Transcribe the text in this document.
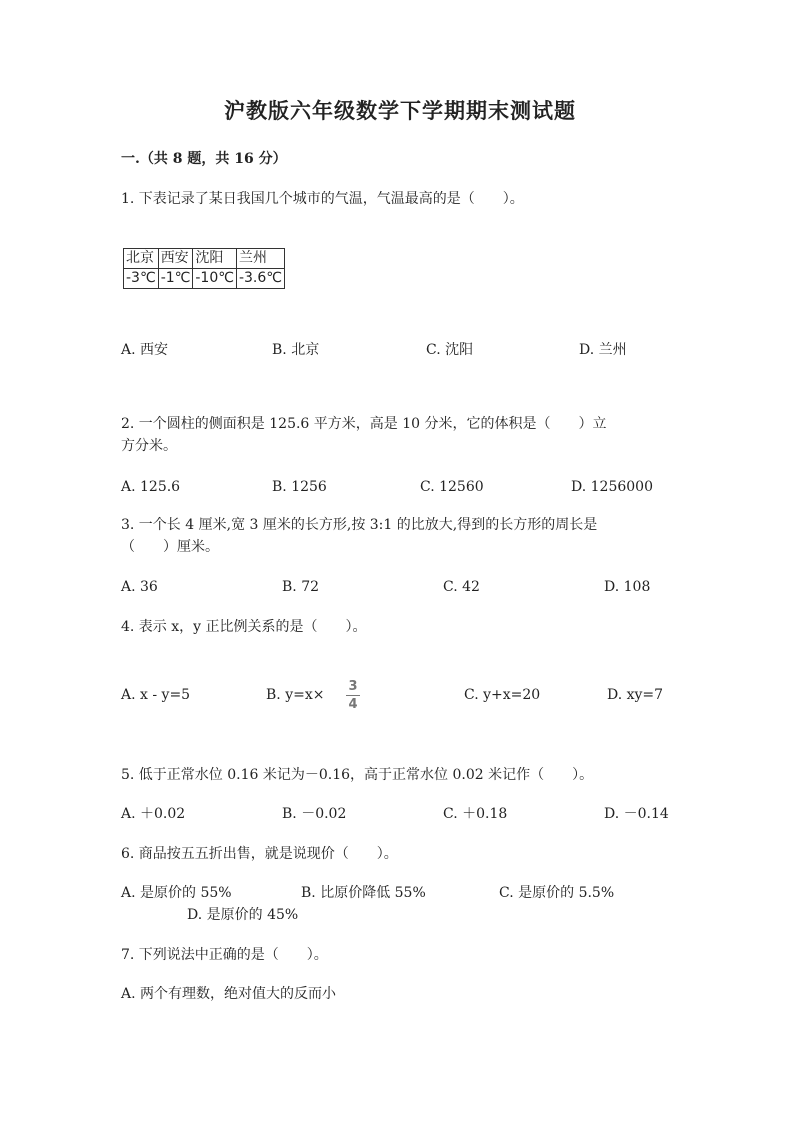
沪教版六年级数学下学期期末测试题
一.（共 8 题，共 16 分）
1. 下表记录了某日我国几个城市的气温，气温最高的是（　　）。
北京	西安	沈阳	兰州
-3℃	-1℃	-10℃	-3.6℃
A. 西安	B. 北京	C. 沈阳	D. 兰州
2. 一个圆柱的侧面积是 125.6 平方米，高是 10 分米，它的体积是（　　）立
方分米。
A. 125.6	B. 1256	C. 12560	D. 1256000
3. 一个长 4 厘米,宽 3 厘米的长方形,按 3:1 的比放大,得到的长方形的周长是
（　　）厘米。
A. 36	B. 72	C. 42	D. 108
4. 表示 x，y 正比例关系的是（　　）。
A. x - y=5	B. y=x×
3
4
C. y+x=20	D. xy=7
5. 低于正常水位 0.16 米记为－0.16，高于正常水位 0.02 米记作（　　）。
A. ＋0.02	B. －0.02	C. ＋0.18	D. －0.14
6. 商品按五五折出售，就是说现价（　　）。
A. 是原价的 55%	B. 比原价降低 55%	C. 是原价的 5.5%
D. 是原价的 45%
7. 下列说法中正确的是（　　）。
A. 两个有理数，绝对值大的反而小
